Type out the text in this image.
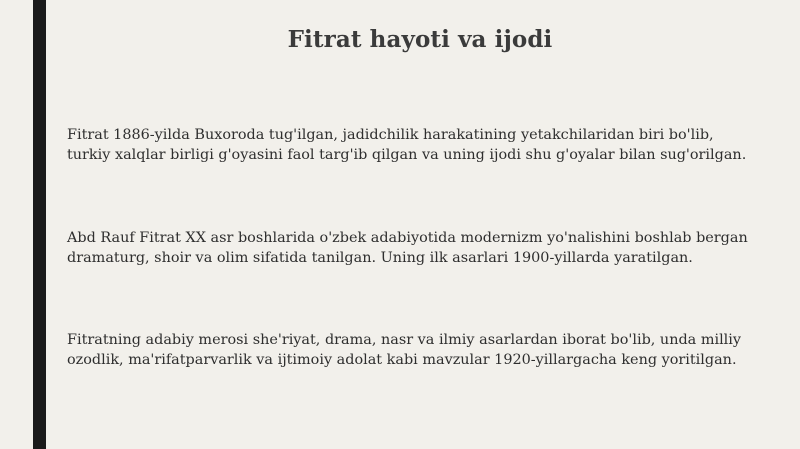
Fitrat hayoti va ijodi

Fitrat 1886-yilda Buxoroda tug'ilgan, jadidchilik harakatining yetakchilaridan biri bo'lib, turkiy xalqlar birligi g'oyasini faol targ'ib qilgan va uning ijodi shu g'oyalar bilan sug'orilgan.

Abd Rauf Fitrat XX asr boshlarida o'zbek adabiyotida modernizm yo'nalishini boshlab bergan dramaturg, shoir va olim sifatida tanilgan. Uning ilk asarlari 1900-yillarda yaratilgan.

Fitratning adabiy merosi she'riyat, drama, nasr va ilmiy asarlardan iborat bo'lib, unda milliy ozodlik, ma'rifatparvarlik va ijtimoiy adolat kabi mavzular 1920-yillargacha keng yoritilgan.
